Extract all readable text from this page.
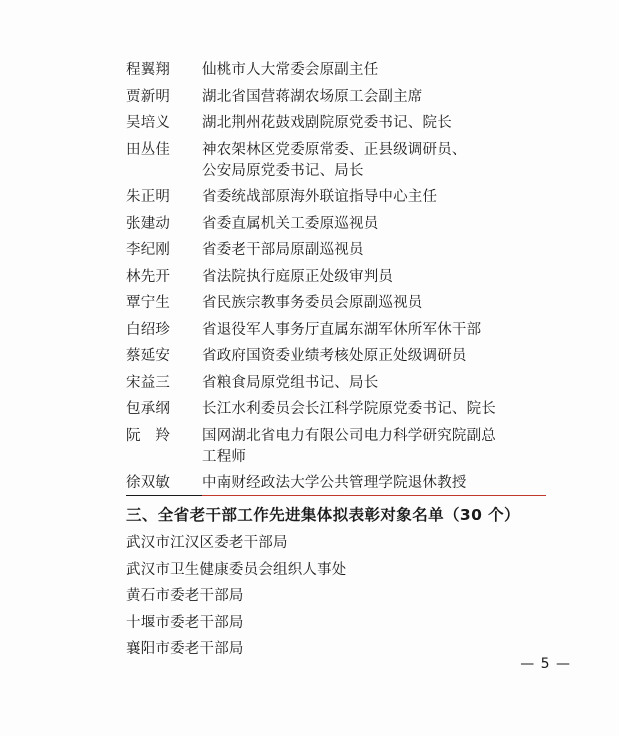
程翼翔	仙桃市人大常委会原副主任
贾新明	湖北省国营蒋湖农场原工会副主席
吴培义	湖北荆州花鼓戏剧院原党委书记、院长
田丛佳	神农架林区党委原常委、正县级调研员、
公安局原党委书记、局长
朱正明	省委统战部原海外联谊指导中心主任
张建动	省委直属机关工委原巡视员
李纪刚	省委老干部局原副巡视员
林先开	省法院执行庭原正处级审判员
覃宁生	省民族宗教事务委员会原副巡视员
白绍珍	省退役军人事务厅直属东湖军休所军休干部
蔡延安	省政府国资委业绩考核处原正处级调研员
宋益三	省粮食局原党组书记、局长
包承纲	长江水利委员会长江科学院原党委书记、院长
阮　羚	国网湖北省电力有限公司电力科学研究院副总
工程师
徐双敏	中南财经政法大学公共管理学院退休教授
三、全省老干部工作先进集体拟表彰对象名单（30 个）
武汉市江汉区委老干部局
武汉市卫生健康委员会组织人事处
黄石市委老干部局
十堰市委老干部局
襄阳市委老干部局
— 5 —
